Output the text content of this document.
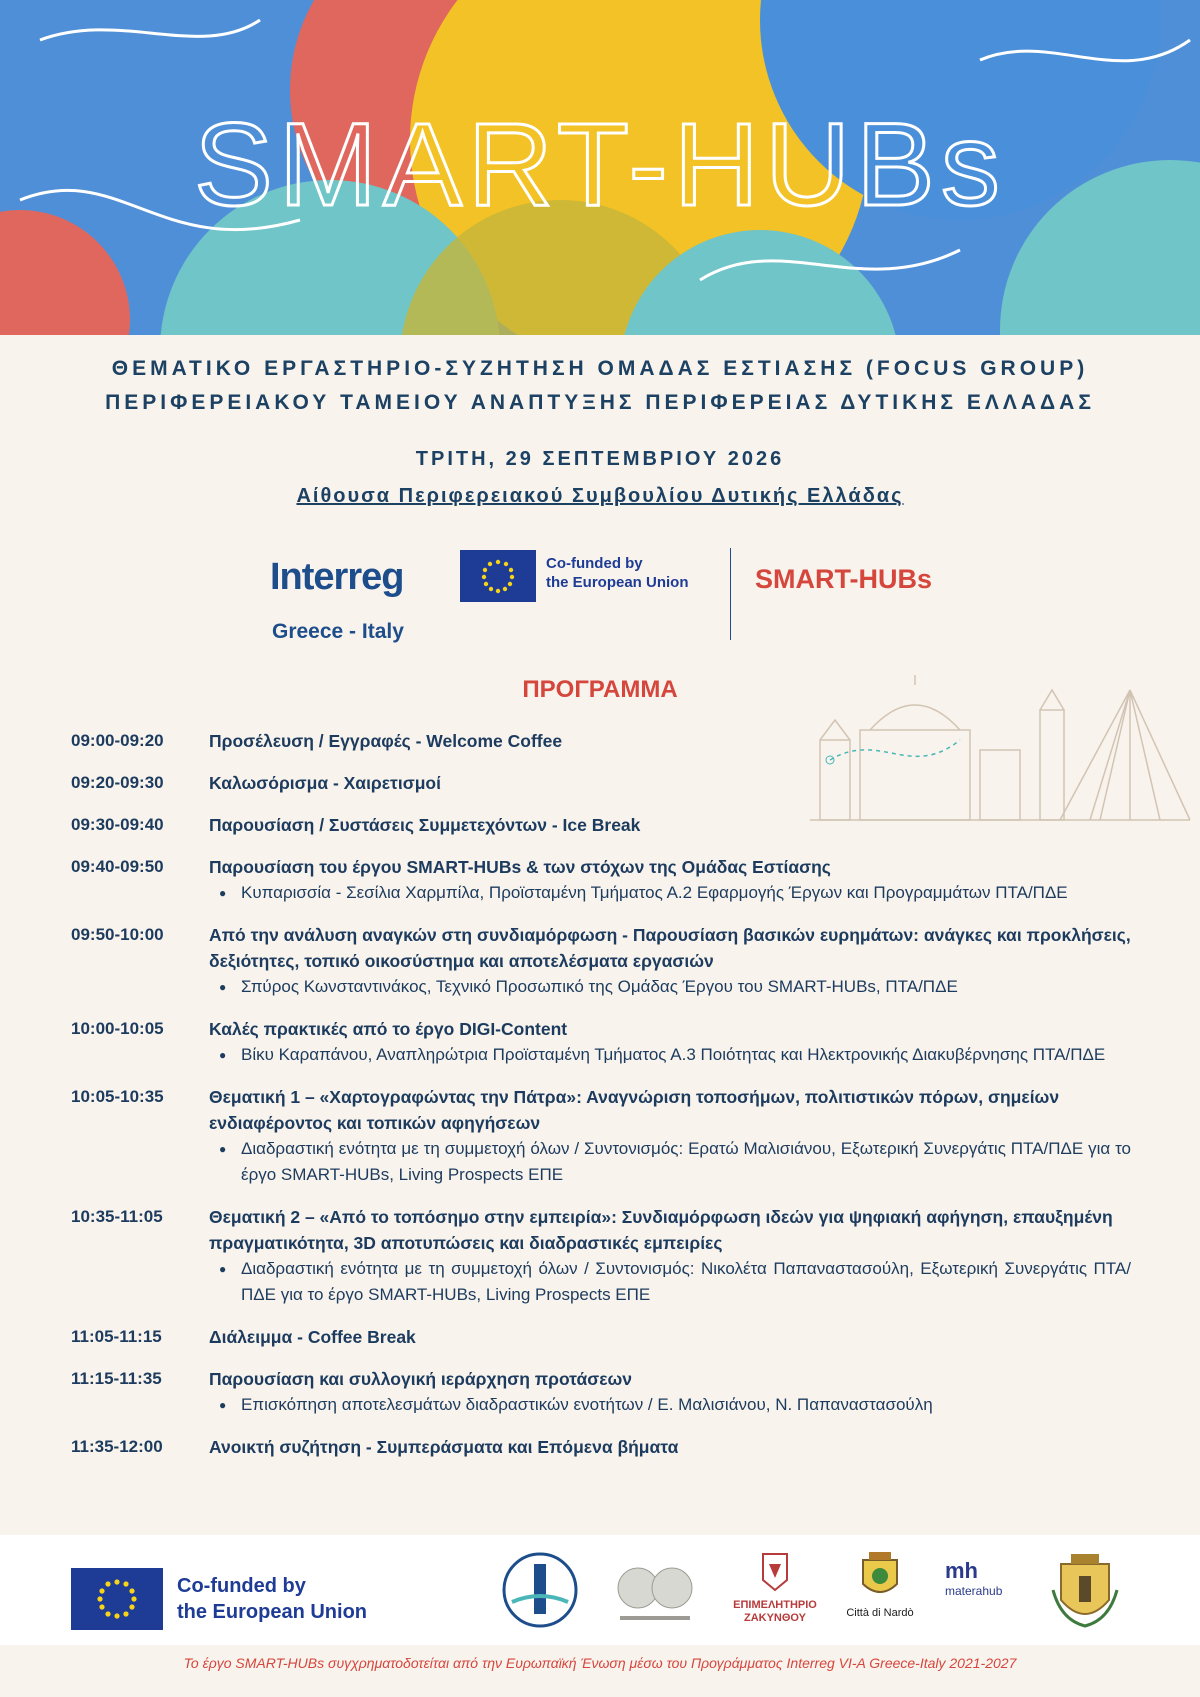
SMART-HUBs
ΘΕΜΑΤΙΚΟ ΕΡΓΑΣΤΗΡΙΟ-ΣΥΖΗΤΗΣΗ ΟΜΑΔΑΣ ΕΣΤΙΑΣΗΣ (FOCUS GROUP)
ΠΕΡΙΦΕΡΕΙΑΚΟΥ ΤΑΜΕΙΟΥ ΑΝΑΠΤΥΞΗΣ ΠΕΡΙΦΕΡΕΙΑΣ ΔΥΤΙΚΗΣ ΕΛΛΑΔΑΣ
ΤΡΙΤΗ, 29 ΣΕΠΤΕΜΒΡΙΟΥ 2026
Αίθουσα Περιφερειακού Συμβουλίου Δυτικής Ελλάδας
Interreg
Greece - Italy
Co-funded by
the European Union SMART-HUBs
ΠΡΟΓΡΑΜΜΑ
09:00-09:20	Προσέλευση / Εγγραφές - Welcome Coffee
09:20-09:30	Καλωσόρισμα - Χαιρετισμοί
09:30-09:40	Παρουσίαση / Συστάσεις Συμμετεχόντων - Ice Break
09:40-09:50	Παρουσίαση του έργου SMART-HUBs & των στόχων της Ομάδας Εστίασης
● Κυπαρισσία - Σεσίλια Χαρμπίλα, Προϊσταμένη Τμήματος Α.2 Εφαρμογής Έργων και Προγραμμάτων ΠΤΑ/ΠΔΕ
09:50-10:00	Από την ανάλυση αναγκών στη συνδιαμόρφωση - Παρουσίαση βασικών ευρημάτων: ανάγκες και προκλήσεις, δεξιότητες, τοπικό οικοσύστημα και αποτελέσματα εργασιών
● Σπύρος Κωνσταντινάκος, Τεχνικό Προσωπικό της Ομάδας Έργου του SMART-HUBs, ΠΤΑ/ΠΔΕ
10:00-10:05	Καλές πρακτικές από το έργο DIGI-Content
● Βίκυ Καραπάνου, Αναπληρώτρια Προϊσταμένη Τμήματος Α.3 Ποιότητας και Ηλεκτρονικής Διακυβέρνησης ΠΤΑ/ΠΔΕ
10:05-10:35	Θεματική 1 – «Χαρτογραφώντας την Πάτρα»: Αναγνώριση τοποσήμων, πολιτιστικών πόρων, σημείων ενδιαφέροντος και τοπικών αφηγήσεων
● Διαδραστική ενότητα με τη συμμετοχή όλων / Συντονισμός: Ερατώ Μαλισιάνου, Εξωτερική Συνεργάτις ΠΤΑ/ΠΔΕ για το έργο SMART-HUBs, Living Prospects ΕΠΕ
10:35-11:05	Θεματική 2 – «Από το τοπόσημο στην εμπειρία»: Συνδιαμόρφωση ιδεών για ψηφιακή αφήγηση, επαυξημένη πραγματικότητα, 3D αποτυπώσεις και διαδραστικές εμπειρίες
● Διαδραστική ενότητα με τη συμμετοχή όλων / Συντονισμός: Νικολέτα Παπαναστασούλη, Εξωτερική Συνεργάτις ΠΤΑ/ΠΔΕ για το έργο SMART-HUBs, Living Prospects ΕΠΕ
11:05-11:15	Διάλειμμα - Coffee Break
11:15-11:35	Παρουσίαση και συλλογική ιεράρχηση προτάσεων
● Επισκόπηση αποτελεσμάτων διαδραστικών ενοτήτων / Ε. Μαλισιάνου, Ν. Παπαναστασούλη
11:35-12:00	Ανοικτή συζήτηση - Συμπεράσματα και Επόμενα βήματα
Co-funded by
the European Union	ΕΠΙΜΕΛΗΤΗΡΙΟ ΖΑΚΥΝΘΟΥ	Città di Nardò
mh
materahub
Το έργο SMART-HUBs συγχρηματοδοτείται από την Ευρωπαϊκή Ένωση μέσω του Προγράμματος Interreg VI-A Greece-Italy 2021-2027
